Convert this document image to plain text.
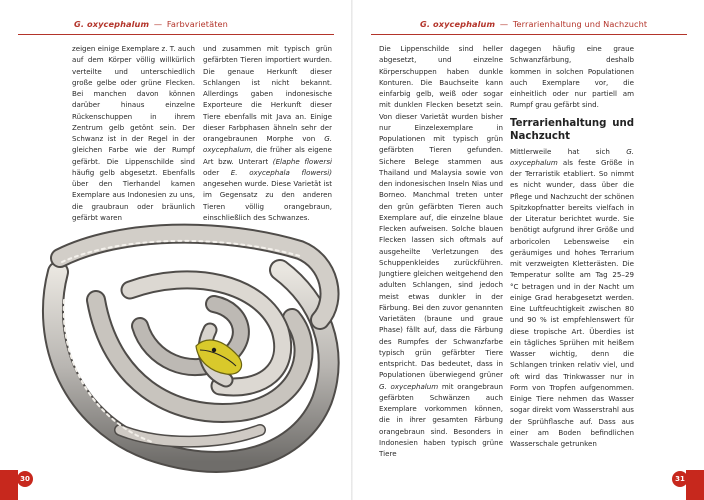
G. oxycephalum — Farbvarietäten

zeigen einige Exemplare z. T. auch auf dem Körper völlig willkürlich verteilte und unterschiedlich große gelbe oder grüne Flecken. Bei manchen davon können darüber hinaus einzelne Rückenschuppen in ihrem Zentrum gelb getönt sein. Der Schwanz ist in der Regel in der gleichen Farbe wie der Rumpf gefärbt. Die Lippenschilde sind häufig gelb abgesetzt. Ebenfalls über den Tierhandel kamen Exemplare aus Indonesien zu uns, die graubraun oder bräunlich gefärbt waren

und zusammen mit typisch grün gefärbten Tieren importiert wurden. Die genaue Herkunft dieser Schlangen ist nicht bekannt. Allerdings gaben indonesische Exporteure die Herkunft dieser Tiere ebenfalls mit Java an. Einige dieser Farbphasen ähneln sehr der orangebraunen Morphe von G. oxycephalum, die früher als eigene Art bzw. Unterart (Elaphe flowersi oder E. oxycephala flowersi) angesehen wurde. Diese Varietät ist im Gegensatz zu den anderen Tieren völlig orangebraun, einschließlich des Schwanzes.

30
G. oxycephalum — Terrarienhaltung und Nachzucht

Die Lippenschilde sind heller abgesetzt, und einzelne Körperschuppen haben dunkle Konturen. Die Bauchseite kann einfarbig gelb, weiß oder sogar mit dunklen Flecken besetzt sein. Von dieser Varietät wurden bisher nur Einzelexemplare in Populationen mit typisch grün gefärbten Tieren gefunden. Sichere Belege stammen aus Thailand und Malaysia sowie von den indonesischen Inseln Nias und Borneo. Manchmal treten unter den grün gefärbten Tieren auch Exemplare auf, die einzelne blaue Flecken aufweisen. Solche blauen Flecken lassen sich oftmals auf ausgeheilte Verletzungen des Schuppenkleides zurückführen. Jungtiere gleichen weitgehend den adulten Schlangen, sind jedoch meist etwas dunkler in der Färbung. Bei den zuvor genannten Varietäten (braune und graue Phase) fällt auf, dass die Färbung des Rumpfes der Schwanzfarbe typisch grün gefärbter Tiere entspricht. Das bedeutet, dass in Populationen überwiegend grüner G. oxycephalum mit orangebraun gefärbten Schwänzen auch Exemplare vorkommen können, die in ihrer gesamten Färbung orangebraun sind. Besonders in Indonesien haben typisch grüne Tiere

dagegen häufig eine graue Schwanzfärbung, deshalb kommen in solchen Populationen auch Exemplare vor, die einheitlich oder nur partiell am Rumpf grau gefärbt sind.

Terrarienhaltung und Nachzucht

Mittlerweile hat sich G. oxycephalum als feste Größe in der Terraristik etabliert. So nimmt es nicht wunder, dass über die Pflege und Nachzucht der schönen Spitzkopfnatter bereits vielfach in der Literatur berichtet wurde. Sie benötigt aufgrund ihrer Größe und arboricolen Lebensweise ein geräumiges und hohes Terrarium mit verzweigten Kletterästen. Die Temperatur sollte am Tag 25–29 °C betragen und in der Nacht um einige Grad herabgesetzt werden. Eine Luftfeuchtigkeit zwischen 80 und 90 % ist empfehlenswert für diese tropische Art. Überdies ist ein tägliches Sprühen mit heißem Wasser wichtig, denn die Schlangen trinken relativ viel, und oft wird das Trinkwasser nur in Form von Tropfen aufgenommen. Einige Tiere nehmen das Wasser sogar direkt vom Wasserstrahl aus der Sprühflasche auf. Dass aus einer am Boden befindlichen Wasserschale getrunken

31
